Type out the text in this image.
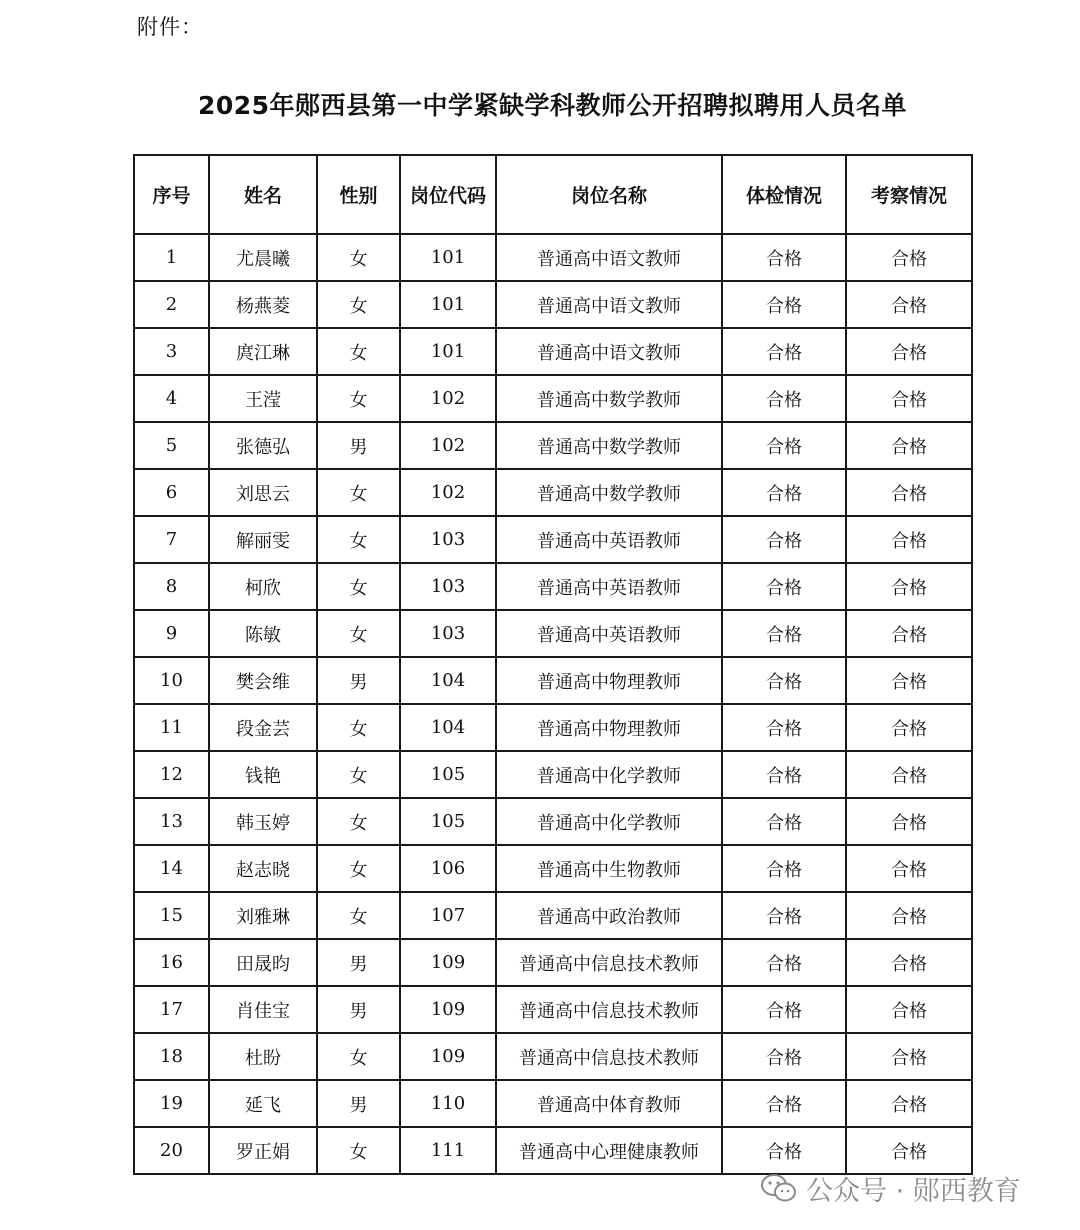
附件：
2025年郧西县第一中学紧缺学科教师公开招聘拟聘用人员名单
序号	姓名	性别	岗位代码	岗位名称	体检情况	考察情况
1	尤晨曦	女	101	普通高中语文教师	合格	合格
2	杨燕菱	女	101	普通高中语文教师	合格	合格
3	庹江琳	女	101	普通高中语文教师	合格	合格
4	王滢	女	102	普通高中数学教师	合格	合格
5	张德弘	男	102	普通高中数学教师	合格	合格
6	刘思云	女	102	普通高中数学教师	合格	合格
7	解丽雯	女	103	普通高中英语教师	合格	合格
8	柯欣	女	103	普通高中英语教师	合格	合格
9	陈敏	女	103	普通高中英语教师	合格	合格
10	樊会维	男	104	普通高中物理教师	合格	合格
11	段金芸	女	104	普通高中物理教师	合格	合格
12	钱艳	女	105	普通高中化学教师	合格	合格
13	韩玉婷	女	105	普通高中化学教师	合格	合格
14	赵志晓	女	106	普通高中生物教师	合格	合格
15	刘雅琳	女	107	普通高中政治教师	合格	合格
16	田晟昀	男	109	普通高中信息技术教师	合格	合格
17	肖佳宝	男	109	普通高中信息技术教师	合格	合格
18	杜盼	女	109	普通高中信息技术教师	合格	合格
19	延飞	男	110	普通高中体育教师	合格	合格
20	罗正娟	女	111	普通高中心理健康教师	合格	合格
公众号 · 郧西教育
